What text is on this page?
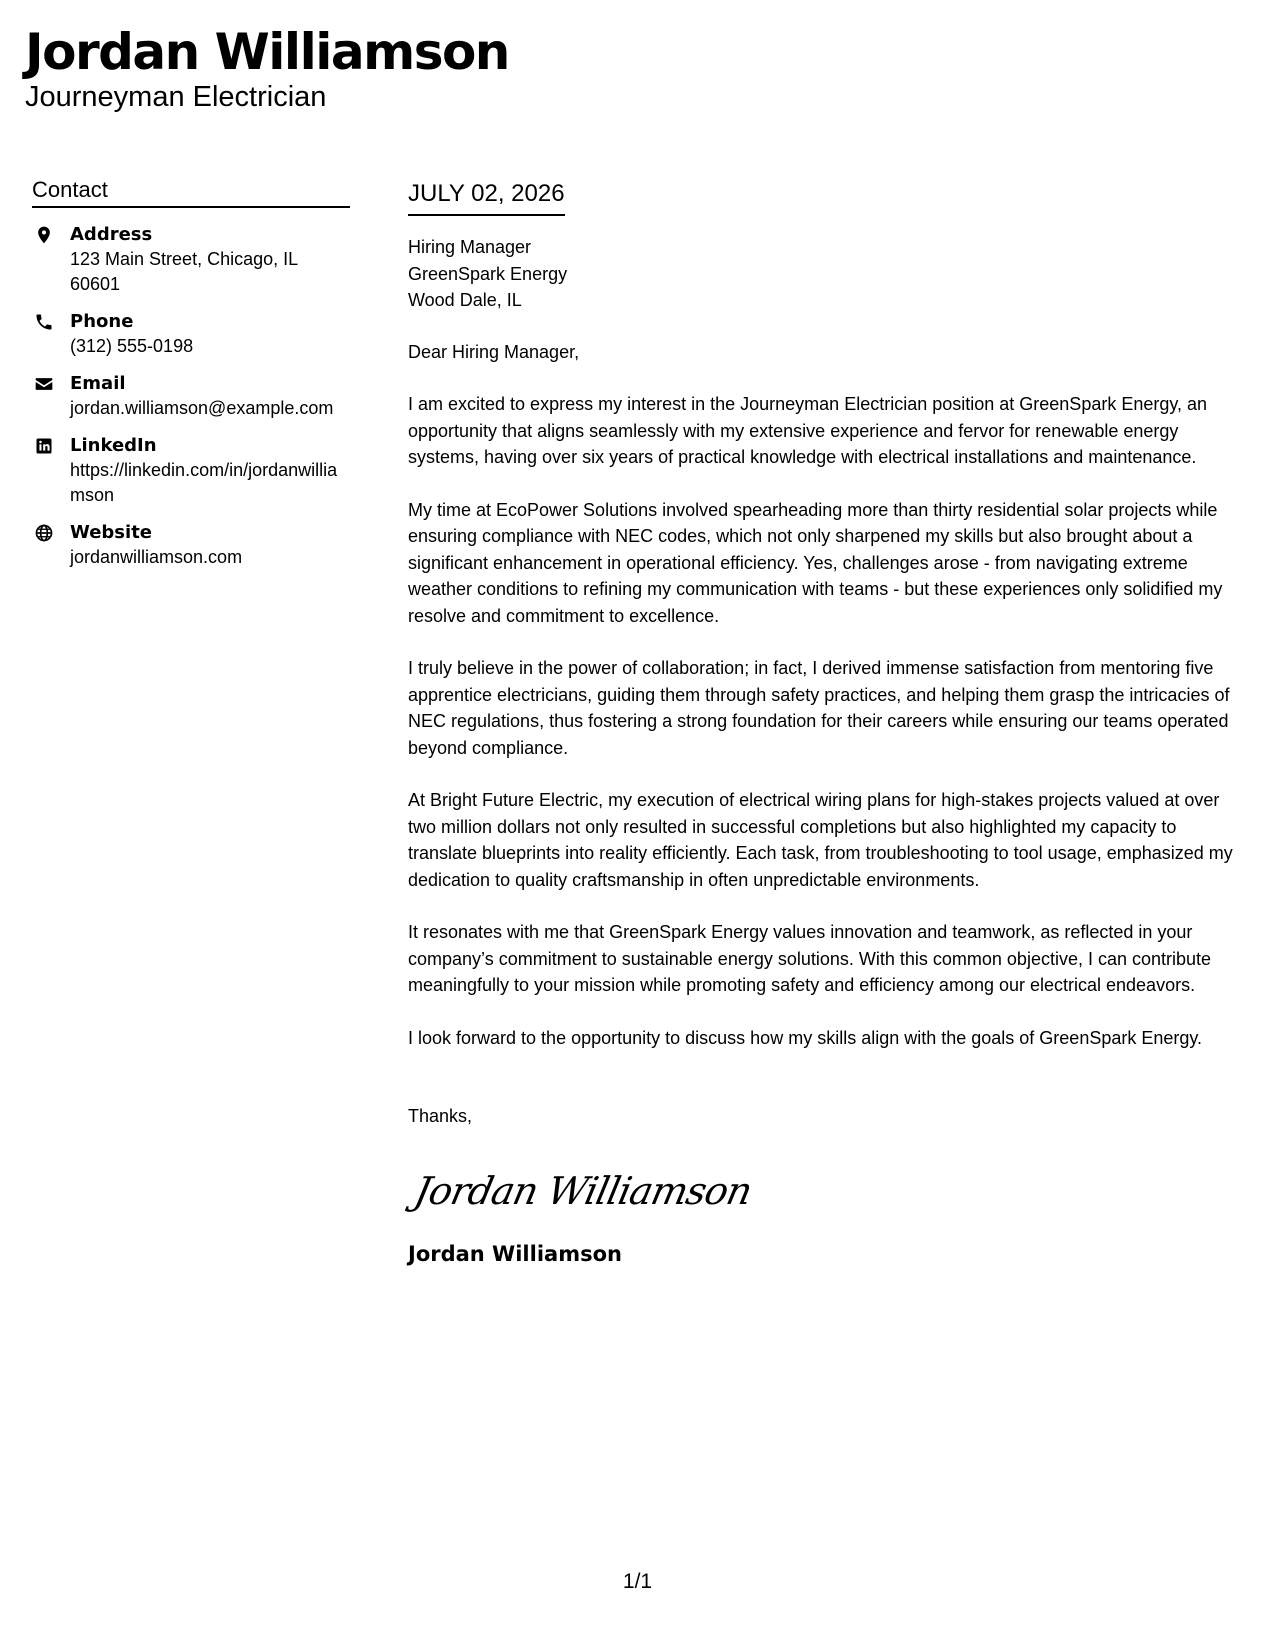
Jordan Williamson
Journeyman Electrician
Contact
Address
123 Main Street, Chicago, IL 60601
Phone
(312) 555-0198
Email
jordan.williamson@example.com
LinkedIn
https://linkedin.com/in/jordanwilliamson
Website
jordanwilliamson.com
JULY 02, 2026
Hiring Manager
GreenSpark Energy
Wood Dale, IL
Dear Hiring Manager,
I am excited to express my interest in the Journeyman Electrician position at GreenSpark Energy, an opportunity that aligns seamlessly with my extensive experience and fervor for renewable energy systems, having over six years of practical knowledge with electrical installations and maintenance.
My time at EcoPower Solutions involved spearheading more than thirty residential solar projects while ensuring compliance with NEC codes, which not only sharpened my skills but also brought about a significant enhancement in operational efficiency. Yes, challenges arose - from navigating extreme weather conditions to refining my communication with teams - but these experiences only solidified my resolve and commitment to excellence.
I truly believe in the power of collaboration; in fact, I derived immense satisfaction from mentoring five apprentice electricians, guiding them through safety practices, and helping them grasp the intricacies of NEC regulations, thus fostering a strong foundation for their careers while ensuring our teams operated beyond compliance.
At Bright Future Electric, my execution of electrical wiring plans for high-stakes projects valued at over two million dollars not only resulted in successful completions but also highlighted my capacity to translate blueprints into reality efficiently. Each task, from troubleshooting to tool usage, emphasized my dedication to quality craftsmanship in often unpredictable environments.
It resonates with me that GreenSpark Energy values innovation and teamwork, as reflected in your company’s commitment to sustainable energy solutions. With this common objective, I can contribute meaningfully to your mission while promoting safety and efficiency among our electrical endeavors.
I look forward to the opportunity to discuss how my skills align with the goals of GreenSpark Energy.
Thanks,
Jordan Williamson
Jordan Williamson
1/1
